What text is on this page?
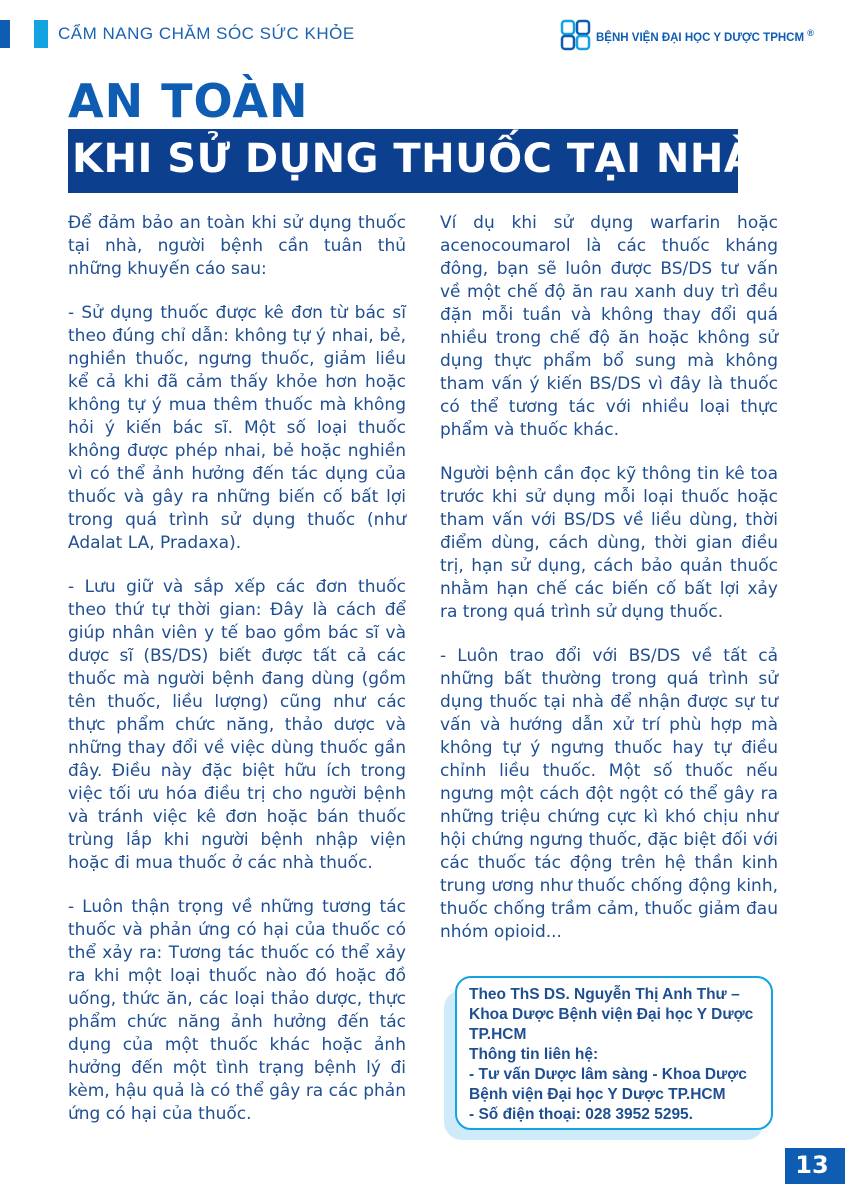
CẨM NANG CHĂM SÓC SỨC KHỎE	BỆNH VIỆN ĐẠI HỌC Y DƯỢC TPHCM ®
AN TOÀN
KHI SỬ DỤNG THUỐC TẠI NHÀ

Để đảm bảo an toàn khi sử dụng thuốc tại nhà, người bệnh cần tuân thủ những khuyến cáo sau:

- Sử dụng thuốc được kê đơn từ bác sĩ theo đúng chỉ dẫn: không tự ý nhai, bẻ, nghiền thuốc, ngưng thuốc, giảm liều kể cả khi đã cảm thấy khỏe hơn hoặc không tự ý mua thêm thuốc mà không hỏi ý kiến bác sĩ. Một số loại thuốc không được phép nhai, bẻ hoặc nghiền vì có thể ảnh hưởng đến tác dụng của thuốc và gây ra những biến cố bất lợi trong quá trình sử dụng thuốc (như Adalat LA, Pradaxa).

- Lưu giữ và sắp xếp các đơn thuốc theo thứ tự thời gian: Đây là cách để giúp nhân viên y tế bao gồm bác sĩ và dược sĩ (BS/DS) biết được tất cả các thuốc mà người bệnh đang dùng (gồm tên thuốc, liều lượng) cũng như các thực phẩm chức năng, thảo dược và những thay đổi về việc dùng thuốc gần đây. Điều này đặc biệt hữu ích trong việc tối ưu hóa điều trị cho người bệnh và tránh việc kê đơn hoặc bán thuốc trùng lắp khi người bệnh nhập viện hoặc đi mua thuốc ở các nhà thuốc.

- Luôn thận trọng về những tương tác thuốc và phản ứng có hại của thuốc có thể xảy ra: Tương tác thuốc có thể xảy ra khi một loại thuốc nào đó hoặc đồ uống, thức ăn, các loại thảo dược, thực phẩm chức năng ảnh hưởng đến tác dụng của một thuốc khác hoặc ảnh hưởng đến một tình trạng bệnh lý đi kèm, hậu quả là có thể gây ra các phản ứng có hại của thuốc.

Ví dụ khi sử dụng warfarin hoặc acenocoumarol là các thuốc kháng đông, bạn sẽ luôn được BS/DS tư vấn về một chế độ ăn rau xanh duy trì đều đặn mỗi tuần và không thay đổi quá nhiều trong chế độ ăn hoặc không sử dụng thực phẩm bổ sung mà không tham vấn ý kiến BS/DS vì đây là thuốc có thể tương tác với nhiều loại thực phẩm và thuốc khác.

Người bệnh cần đọc kỹ thông tin kê toa trước khi sử dụng mỗi loại thuốc hoặc tham vấn với BS/DS về liều dùng, thời điểm dùng, cách dùng, thời gian điều trị, hạn sử dụng, cách bảo quản thuốc nhằm hạn chế các biến cố bất lợi xảy ra trong quá trình sử dụng thuốc.

- Luôn trao đổi với BS/DS về tất cả những bất thường trong quá trình sử dụng thuốc tại nhà để nhận được sự tư vấn và hướng dẫn xử trí phù hợp mà không tự ý ngưng thuốc hay tự điều chỉnh liều thuốc. Một số thuốc nếu ngưng một cách đột ngột có thể gây ra những triệu chứng cực kì khó chịu như hội chứng ngưng thuốc, đặc biệt đối với các thuốc tác động trên hệ thần kinh trung ương như thuốc chống động kinh, thuốc chống trầm cảm, thuốc giảm đau nhóm opioid...

Theo ThS DS. Nguyễn Thị Anh Thư –
Khoa Dược Bệnh viện Đại học Y Dược
TP.HCM
Thông tin liên hệ:
- Tư vấn Dược lâm sàng - Khoa Dược
Bệnh viện Đại học Y Dược TP.HCM
- Số điện thoại: 028 3952 5295.
13
